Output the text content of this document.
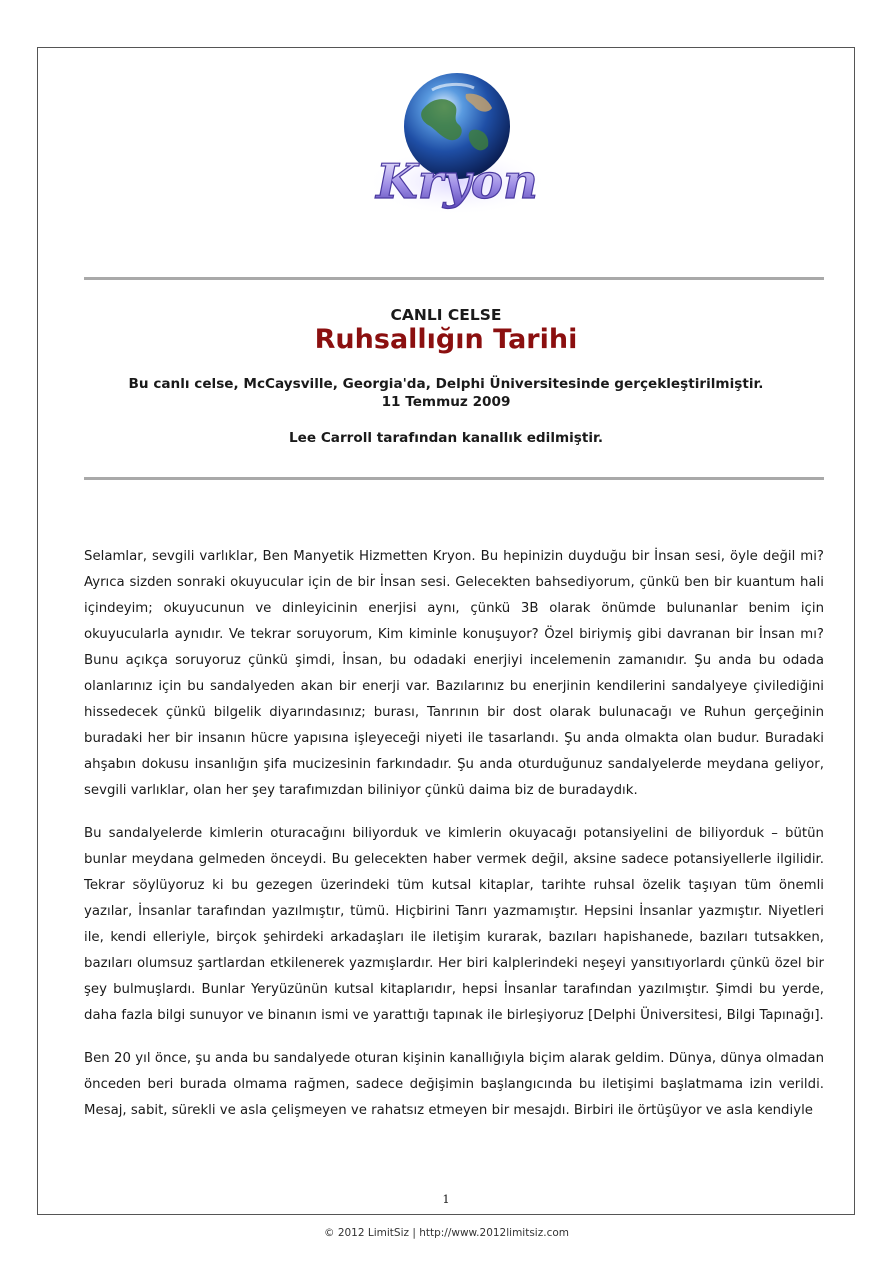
Kryon
CANLI CELSE
Ruhsallığın Tarihi
Bu canlı celse, McCaysville, Georgia'da, Delphi Üniversitesinde gerçekleştirilmiştir.
11 Temmuz 2009
Lee Carroll tarafından kanallık edilmiştir.

Selamlar, sevgili varlıklar, Ben Manyetik Hizmetten Kryon. Bu hepinizin duyduğu bir İnsan sesi, öyle değil mi? Ayrıca sizden sonraki okuyucular için de bir İnsan sesi. Gelecekten bahsediyorum, çünkü ben bir kuantum hali içindeyim; okuyucunun ve dinleyicinin enerjisi aynı, çünkü 3B olarak önümde bulunanlar benim için okuyucularla aynıdır. Ve tekrar soruyorum, Kim kiminle konuşuyor? Özel biriymiş gibi davranan bir İnsan mı? Bunu açıkça soruyoruz çünkü şimdi, İnsan, bu odadaki enerjiyi incelemenin zamanıdır. Şu anda bu odada olanlarınız için bu sandalyeden akan bir enerji var. Bazılarınız bu enerjinin kendilerini sandalyeye çivilediğini hissedecek çünkü bilgelik diyarındasınız; burası, Tanrının bir dost olarak bulunacağı ve Ruhun gerçeğinin buradaki her bir insanın hücre yapısına işleyeceği niyeti ile tasarlandı. Şu anda olmakta olan budur. Buradaki ahşabın dokusu insanlığın şifa mucizesinin farkındadır. Şu anda oturduğunuz sandalyelerde meydana geliyor, sevgili varlıklar, olan her şey tarafımızdan biliniyor çünkü daima biz de buradaydık.

Bu sandalyelerde kimlerin oturacağını biliyorduk ve kimlerin okuyacağı potansiyelini de biliyorduk – bütün bunlar meydana gelmeden önceydi. Bu gelecekten haber vermek değil, aksine sadece potansiyellerle ilgilidir. Tekrar söylüyoruz ki bu gezegen üzerindeki tüm kutsal kitaplar, tarihte ruhsal özelik taşıyan tüm önemli yazılar, İnsanlar tarafından yazılmıştır, tümü. Hiçbirini Tanrı yazmamıştır. Hepsini İnsanlar yazmıştır. Niyetleri ile, kendi elleriyle, birçok şehirdeki arkadaşları ile iletişim kurarak, bazıları hapishanede, bazıları tutsakken, bazıları olumsuz şartlardan etkilenerek yazmışlardır. Her biri kalplerindeki neşeyi yansıtıyorlardı çünkü özel bir şey bulmuşlardı. Bunlar Yeryüzünün kutsal kitaplarıdır, hepsi İnsanlar tarafından yazılmıştır. Şimdi bu yerde, daha fazla bilgi sunuyor ve binanın ismi ve yarattığı tapınak ile birleşiyoruz [Delphi Üniversitesi, Bilgi Tapınağı].

Ben 20 yıl önce, şu anda bu sandalyede oturan kişinin kanallığıyla biçim alarak geldim. Dünya, dünya olmadan önceden beri burada olmama rağmen, sadece değişimin başlangıcında bu iletişimi başlatmama izin verildi. Mesaj, sabit, sürekli ve asla çelişmeyen ve rahatsız etmeyen bir mesajdı. Birbiri ile örtüşüyor ve asla kendiyle

1
© 2012 LimitSiz | http://www.2012limitsiz.com
